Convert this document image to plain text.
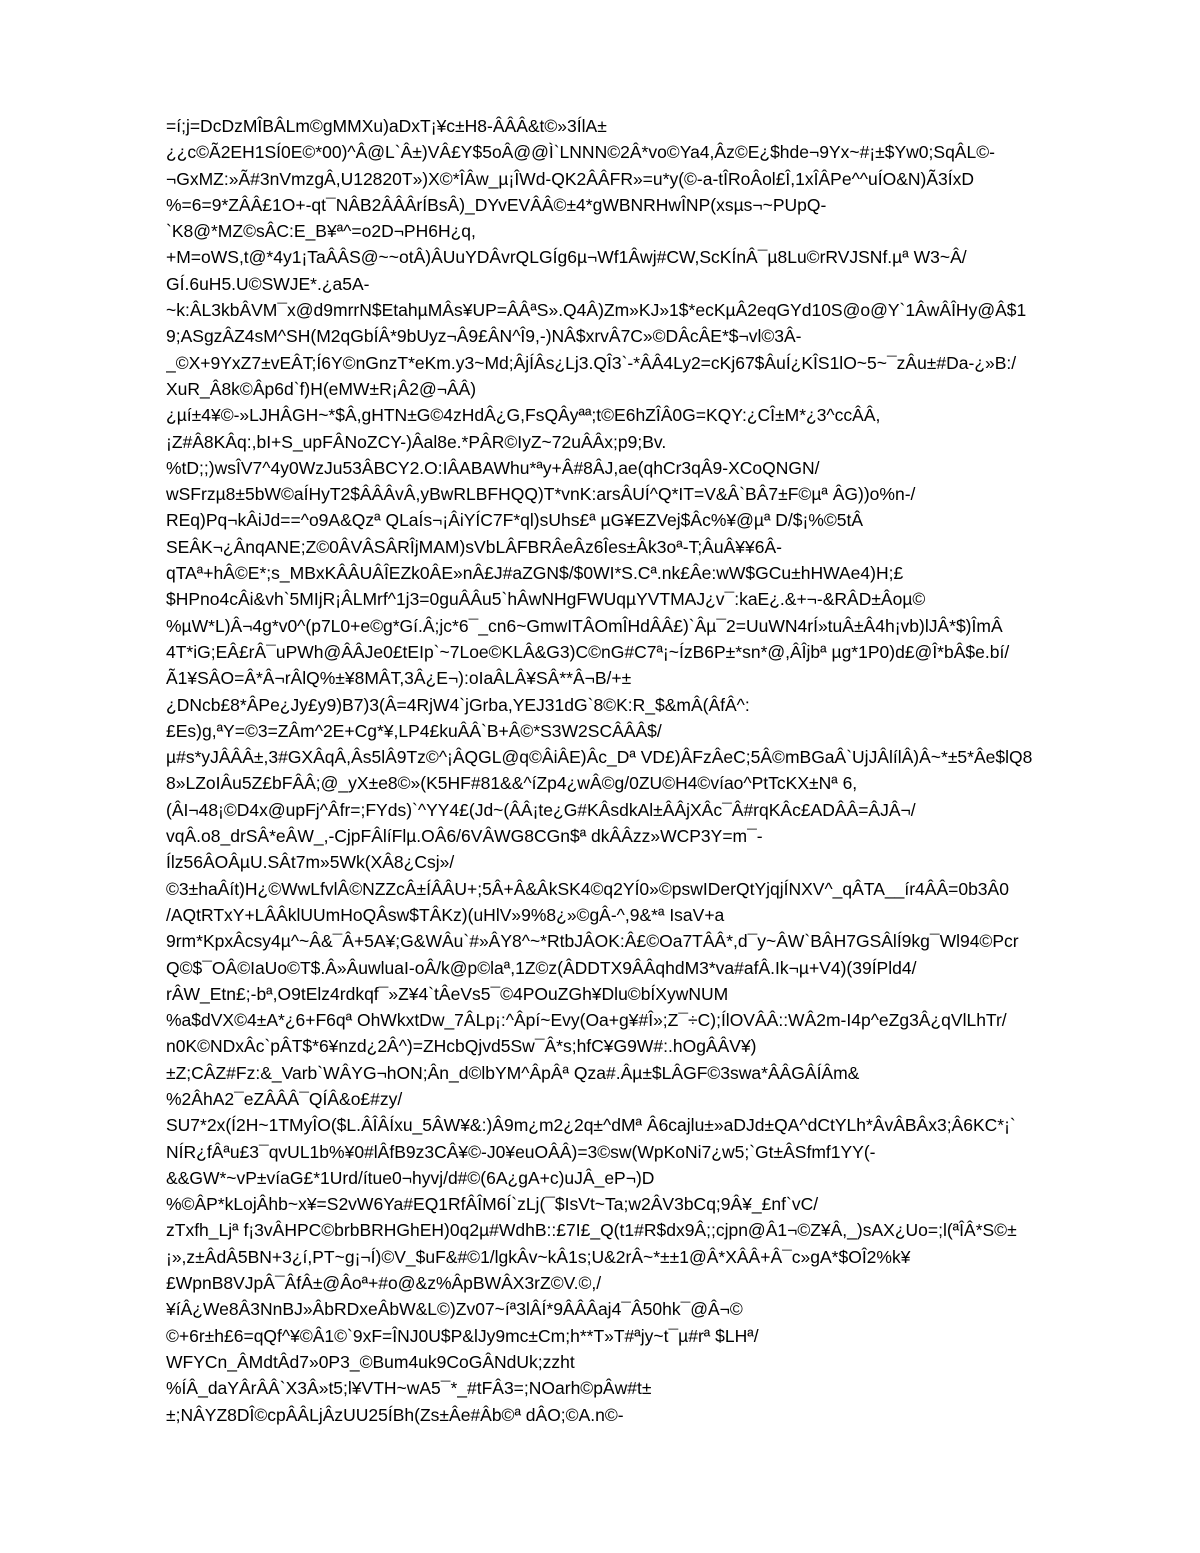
=í;j=DcDzMÎBÂLm©gMMXu)aDxT¡¥c±H8-ÂÂÂ&t©»3ÍlA±
¿¿c©Ã2EH1SÍ0E©*00)^Â@L`Â±)VÂ£Y$5oÂ@@Ì`LNNN©2Â*vo©Ya4,Âz©E¿$hde¬9Yx~#¡±$Yw0;SqÂL©-
¬GxMZ:»Ã#3nVmzgÂ,U12820T»)X©*ÎÂw_µ¡ÎWd-QK2ÂÂFR»=u*y(©-a-tÎRoÂol£Î,1xÎÂPe^^uÍO&N)Ã3ÍxD
%=6=9*ZÂÂ£1O+-qt¯NÂB2ÂÂÂrÍBsÂ)_DYvEVÂÂ©±4*gWBNRHwÎNP(xsµs¬~PUpQ-
`K8@*MZ©sÂC:E_B¥ª^=o2D¬PH6H¿q,
+M=oWS,t@*4y1¡TaÂÂS@~~otÂ)ÂUuYDÂvrQLGÍg6µ¬Wf1Âwj#CW,ScKÍnÂ¯µ8Lu©rRVJSNf.µª W3~Â/
GÍ.6uH5.U©SWJE*.¿a5A-
~k:ÂL3kbÂVM¯x@d9mrrN$EtahµMÂs¥UP=ÂÂªS».Q4Â)Zm»KJ»1$*ecKµÂ2eqGYd10S@o@Y`1ÂwÂÎHy@Â$1
9;ASgzÂZ4sM^SH(M2qGbÍÂ*9bUyz¬Â9£ÂN^Î9,-)NÂ$xrvÂ7C»©DÂcÂE*$¬vl©3Â-
_©X+9YxZ7±vEÂT;Í6Y©nGnzT*eKm.y3~Md;ÂjÍÂs¿Lj3.QÎ3`-*ÂÂ4Ly2=cKj67$ÂuÍ¿KÎS1lO~5~¯zÂu±#Da-¿»B:/
XuR_Â8k©Âp6d`f)H(eMW±R¡Â2@¬ÂÂ)
¿µí±4¥©-»LJHÂGH~*$Â,gHTN±G©4zHdÂ¿G,FsQÂyªª;t©E6hZÎÂ0G=KQY:¿CÎ±M*¿3^ccÂÂ,
¡Z#Â8KÂq:,bI+S_upFÂNoZCY-)Âal8e.*PÂR©IyZ~72uÂÂx;p9;Bv.
%tD;;)wsÎV7^4y0WzJu53ÂBCY2.O:IÂABAWhu*ªy+Â#8ÂJ,ae(qhCr3qÂ9-XCoQNGN/
wSFrzµ8±5bW©aÍHyT2$ÂÂÂvÂ,yBwRLBFHQQ)T*vnK:arsÂUÍ^Q*IT=V&Â`BÂ7±F©µª ÂG))o%n-/
REq)Pq¬kÂiJd==^o9A&Qzª QLaÍs¬¡ÂiYÍC7F*ql)sUhs£ª µG¥EZVej$Âc%¥@µª D/$¡%©5tÂ
SEÂK¬¿ÂnqANE;Z©0ÂVÂSÂRÎjMAM)sVbLÂFBRÂeÂz6Îes±Âk3oª-T;ÂuÂ¥¥6Â-
qTAª+hÂ©E*;s_MBxKÂÂUÂÎEZk0ÂE»nÂ£J#aZGN$/$0WI*S.Cª.nk£Âe:wW$GCu±hHWAe4)H;£
$HPno4cÂi&vh`5MIjR¡ÂLMrf^1j3=0guÂÂu5`hÂwNHgFWUqµYVTMAJ¿v¯:kaE¿.&+¬-&RÂD±Âoµ©
%µW*L)Â¬4g*v0^(p7L0+e©g*Gí.Â;jc*6¯_cn6~GmwITÂOmÎHdÂÂ£)`Âµ¯2=UuWN4rÍ»tuÂ±Â4h¡vb)lJÂ*$)ÎmÂ
4T*iG;EÂ£rÂ¯uPWh@ÂÂJe0£tEIp`~7Loe©KLÂ&G3)C©nG#C7ª¡~ÍzB6P±*sn*@,ÂÎjbª µg*1P0)d£@Î*bÂ$e.bí/
Ã1¥SÂO=Â*Â¬rÂlQ%±¥8MÂT,3Â¿E¬):oIaÂLÂ¥SÂ**Â¬B/+±
¿DNcb£8*ÂPe¿Jy£y9)B7)3(Â=4RjW4`jGrba,YEJ31dG`8©K:R_$&mÂ(ÂfÂ^:
£Es)g,ªY=©3=ZÂm^2E+Cg*¥,LP4£kuÂÂ`B+Â©*S3W2SCÂÂÂ$/
µ#s*yJÂÂÂ±,3#GXÂqÂ,Âs5lÂ9Tz©^¡ÂQGL@q©ÂiÂE)Âc_Dª VD£)ÂFzÂeC;5Â©mBGaÂ`UjJÂlílÂ)Â~*±5*Âe$lQ8
8»LZoIÂu5Z£bFÂÂ;@_yX±e8©»(K5HF#81&&^íZp4¿wÂ©g/0ZU©H4©víao^PtTcKX±Nª 6,
(ÂI¬48¡©D4x@upFj^Âfr=;FYds)`^YY4£(Jd~(ÂÂ¡te¿G#KÂsdkAl±ÂÂjXÂc¯Â#rqKÂc£ADÂÂ=ÂJÂ¬/
vqÂ.o8_drSÂ*eÂW_,-CjpFÂlíFlµ.OÂ6/6VÂWG8CGn$ª dkÂÂzz»WCP3Y=m¯-
Ílz56ÂOÂµU.SÂt7m»5Wk(XÂ8¿Csj»/
©3±haÂít)H¿©WwLfvlÂ©NZZcÂ±ÍÂÂU+;5Â+Â&ÂkSK4©q2YÍ0»©pswIDerQtYjqjÍNXV^_qÂTA__ír4ÂÂ=0b3Â0
/AQtRTxY+LÂÂklUUmHoQÂsw$TÂKz)(uHlV»9%8¿»©gÂ-^,9&*ª IsaV+a
9rm*KpxÂcsy4µ^~Â&¯Â+5A¥;G&WÂu`#»ÂY8^~*RtbJÂOK:Â£©Oa7TÂÂ*,d¯y~ÂW`BÂH7GSÂlÍ9kg¯Wl94©Pcr
Q©$¯OÂ©IaUo©T$.Â»ÂuwluaI-oÂ/k@p©laª,1Z©z(ÂDDTX9ÂÂqhdM3*va#afÂ.Ik¬µ+V4)(39ÍPld4/
rÂW_Etn£;-bª,O9tElz4rdkqf¯»Z¥4`tÂeVs5¯©4POuZGh¥Dlu©bÍXywNUM
%a$dVX©4±A*¿6+F6qª OhWkxtDw_7ÂLp¡:^Âpí~Evy(Oa+g¥#Î»;Z¯÷C);ÍlOVÂÂ::WÂ2m-I4p^eZg3Â¿qVlLhTr/
n0K©NDxÂc`pÂT$*6¥nzd¿2Â^)=ZHcbQjvd5Sw¯Â*s;hfC¥G9W#:.hOgÂÂV¥)
±Z;CÂZ#Fz:&_Varb`WÂYG¬hON;Ân_d©lbYM^ÂpÂª Qza#.Âµ±$LÂGF©3swa*ÂÂGÂÍÂm&
%2ÂhA2¯eZÂÂÂ¯QÍÂ&o£#zy/
SU7*2x(Í2H~1TMyÎO($L.ÂÎÂÍxu_5ÂW¥&:)Â9m¿m2¿2q±^dMª Â6cajlu±»aDJd±QA^dCtYLh*ÂvÂBÂx3;Â6KC*¡`
NÍR¿fÂªu£3¯qvUL1b%¥0#lÂfB9z3CÂ¥©-J0¥euOÂÂ)=3©sw(WpKoNi7¿w5;`Gt±ÂSfmf1YY(-
&&GW*~vP±víaG£*1Urd/ítue0¬hyvj/d#©(6A¿gA+c)uJÂ_eP¬)D
%©ÂP*kLojÂhb~x¥=S2vW6Ya#EQ1RfÂÎM6Í`zLj(¯$IsVt~Ta;w2ÂV3bCq;9Â¥_£nf`vC/
zTxfh_Ljª f¡3vÂHPC©brbBRHGhEH)0q2µ#WdhB::£7I£_Q(t1#R$dx9Â;;cjpn@Â1¬©Z¥Â,_)sAX¿Uo=;l(ªÎÂ*S©±
¡»,z±ÂdÂ5BN+3¿í,PT~g¡¬Í)©V_$uF&#©1/lgkÂv~kÂ1s;U&2rÂ~*±±1@Â*XÂÂ+Â¯c»gA*$OÎ2%k¥
£WpnB8VJpÂ¯ÂfÂ±@Âoª+#o@&z%ÂpBWÂX3rZ©V.©,/
¥íÂ¿We8Â3NnBJ»ÂbRDxeÂbW&L©)Zv07~íª3lÂÍ*9ÂÂÂaj4¯Â50hk¯@Â¬©
©+6r±h£6=qQf^¥©Â1©`9xF=ÎNJ0U$P&lJy9mc±Cm;h**T»T#ªjy~t¯µ#rª $LHª/
WFYCn_ÂMdtÂd7»0P3_©Bum4uk9CoGÂNdUk;zzht
%ÍÂ_daYÂrÂÂ`X3Â»t5;l¥VTH~wA5¯*_#tFÂ3=;NOarh©pÂw#t±
±;NÂYZ8DÎ©cpÂÂLjÂzUU25ÍBh(Zs±Âe#Âb©ª dÂO;©A.n©-
